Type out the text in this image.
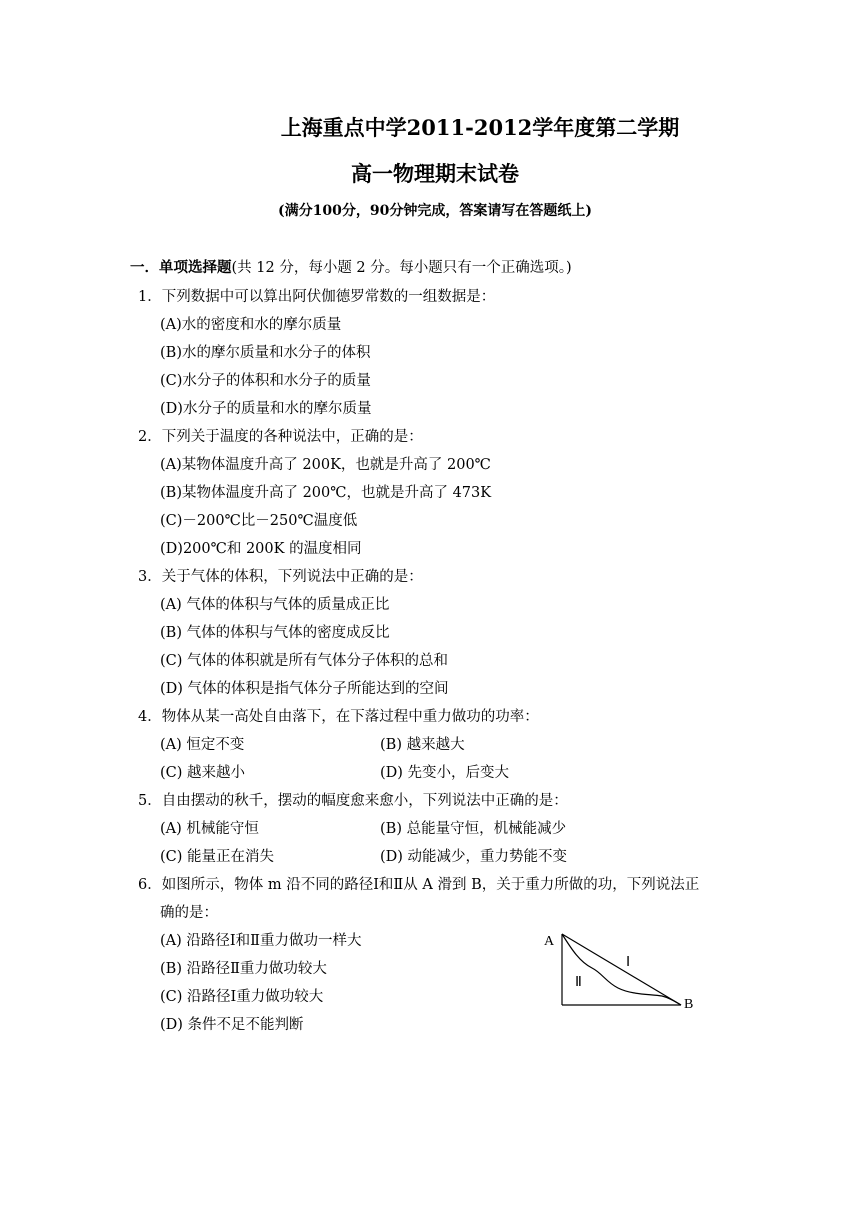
上海重点中学2011-2012学年度第二学期
高一物理期末试卷
(满分100分，90分钟完成，答案请写在答题纸上)
一．单项选择题(共 12 分，每小题 2 分。每小题只有一个正确选项。)
1．下列数据中可以算出阿伏伽德罗常数的一组数据是：
(A)水的密度和水的摩尔质量
(B)水的摩尔质量和水分子的体积
(C)水分子的体积和水分子的质量
(D)水分子的质量和水的摩尔质量
2．下列关于温度的各种说法中，正确的是：
(A)某物体温度升高了 200K，也就是升高了 200℃
(B)某物体温度升高了 200℃，也就是升高了 473K
(C)－200℃比－250℃温度低
(D)200℃和 200K 的温度相同
3．关于气体的体积，下列说法中正确的是：
(A) 气体的体积与气体的质量成正比
(B) 气体的体积与气体的密度成反比
(C) 气体的体积就是所有气体分子体积的总和
(D) 气体的体积是指气体分子所能达到的空间
4．物体从某一高处自由落下，在下落过程中重力做功的功率：
(A) 恒定不变	(B) 越来越大
(C) 越来越小	(D) 先变小，后变大
5．自由摆动的秋千，摆动的幅度愈来愈小，下列说法中正确的是：
(A) 机械能守恒	(B) 总能量守恒，机械能减少
(C) 能量正在消失	(D) 动能减少，重力势能不变
6．如图所示，物体 m 沿不同的路径Ⅰ和Ⅱ从 A 滑到 B，关于重力所做的功，下列说法正
确的是：
(A) 沿路径Ⅰ和Ⅱ重力做功一样大
(B) 沿路径Ⅱ重力做功较大
(C) 沿路径Ⅰ重力做功较大
(D) 条件不足不能判断
A
B
Ⅰ
Ⅱ
